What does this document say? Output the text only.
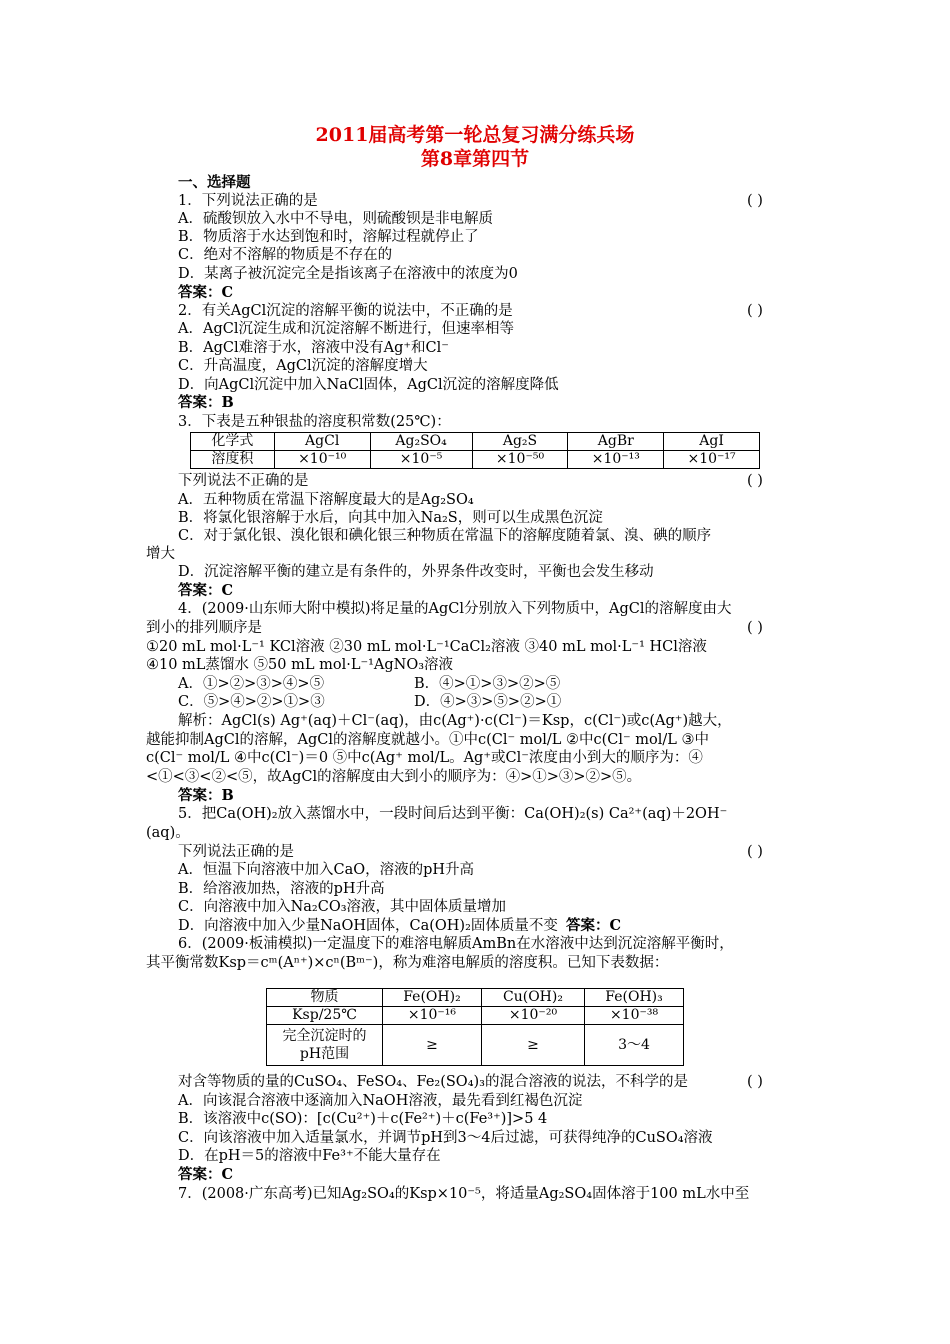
2011届高考第一轮总复习满分练兵场
第8章第四节
一、选择题
1．下列说法正确的是	( )
A．硫酸钡放入水中不导电，则硫酸钡是非电解质
B．物质溶于水达到饱和时，溶解过程就停止了
C．绝对不溶解的物质是不存在的
D．某离子被沉淀完全是指该离子在溶液中的浓度为0
答案：C
2．有关AgCl沉淀的溶解平衡的说法中，不正确的是	( )
A．AgCl沉淀生成和沉淀溶解不断进行，但速率相等
B．AgCl难溶于水，溶液中没有Ag⁺和Cl⁻
C．升高温度，AgCl沉淀的溶解度增大
D．向AgCl沉淀中加入NaCl固体，AgCl沉淀的溶解度降低
答案：B
3．下表是五种银盐的溶度积常数(25℃)：
化学式	AgCl	Ag₂SO₄	Ag₂S	AgBr	AgI
溶度积	×10⁻¹⁰	×10⁻⁵	×10⁻⁵⁰	×10⁻¹³	×10⁻¹⁷
下列说法不正确的是	( )
A．五种物质在常温下溶解度最大的是Ag₂SO₄
B．将氯化银溶解于水后，向其中加入Na₂S，则可以生成黑色沉淀
C．对于氯化银、溴化银和碘化银三种物质在常温下的溶解度随着氯、溴、碘的顺序
增大
D．沉淀溶解平衡的建立是有条件的，外界条件改变时，平衡也会发生移动
答案：C
4．(2009·山东师大附中模拟)将足量的AgCl分别放入下列物质中，AgCl的溶解度由大
到小的排列顺序是	( )
①20 mL mol·L⁻¹ KCl溶液 ②30 mL mol·L⁻¹CaCl₂溶液 ③40 mL mol·L⁻¹ HCl溶液
④10 mL蒸馏水 ⑤50 mL mol·L⁻¹AgNO₃溶液
A．①>②>③>④>⑤	B．④>①>③>②>⑤
C．⑤>④>②>①>③	D．④>③>⑤>②>①
解析：AgCl(s) Ag⁺(aq)＋Cl⁻(aq)，由c(Ag⁺)·c(Cl⁻)＝Ksp，c(Cl⁻)或c(Ag⁺)越大，
越能抑制AgCl的溶解，AgCl的溶解度就越小。①中c(Cl⁻ mol/L ②中c(Cl⁻ mol/L ③中
c(Cl⁻ mol/L ④中c(Cl⁻)＝0 ⑤中c(Ag⁺ mol/L。Ag⁺或Cl⁻浓度由小到大的顺序为：④
<①<③<②<⑤，故AgCl的溶解度由大到小的顺序为：④>①>③>②>⑤。
答案：B
5．把Ca(OH)₂放入蒸馏水中，一段时间后达到平衡：Ca(OH)₂(s) Ca²⁺(aq)＋2OH⁻
(aq)。
下列说法正确的是	( )
A．恒温下向溶液中加入CaO，溶液的pH升高
B．给溶液加热，溶液的pH升高
C．向溶液中加入Na₂CO₃溶液，其中固体质量增加
D．向溶液中加入少量NaOH固体，Ca(OH)₂固体质量不变 答案：C
6．(2009·板浦模拟)一定温度下的难溶电解质AmBn在水溶液中达到沉淀溶解平衡时，
其平衡常数Ksp＝cᵐ(Aⁿ⁺)×cⁿ(Bᵐ⁻)，称为难溶电解质的溶度积。已知下表数据：
物质	Fe(OH)₂	Cu(OH)₂	Fe(OH)₃
Ksp/25℃	×10⁻¹⁶	×10⁻²⁰	×10⁻³⁸
完全沉淀时的pH范围	≥	≥	3～4
对含等物质的量的CuSO₄、FeSO₄、Fe₂(SO₄)₃的混合溶液的说法，不科学的是	( )
A．向该混合溶液中逐滴加入NaOH溶液，最先看到红褐色沉淀
B．该溶液中c(SO)：[c(Cu²⁺)＋c(Fe²⁺)＋c(Fe³⁺)]>5 4
C．向该溶液中加入适量氯水，并调节pH到3～4后过滤，可获得纯净的CuSO₄溶液
D．在pH＝5的溶液中Fe³⁺不能大量存在
答案：C
7．(2008·广东高考)已知Ag₂SO₄的Ksp×10⁻⁵，将适量Ag₂SO₄固体溶于100 mL水中至
